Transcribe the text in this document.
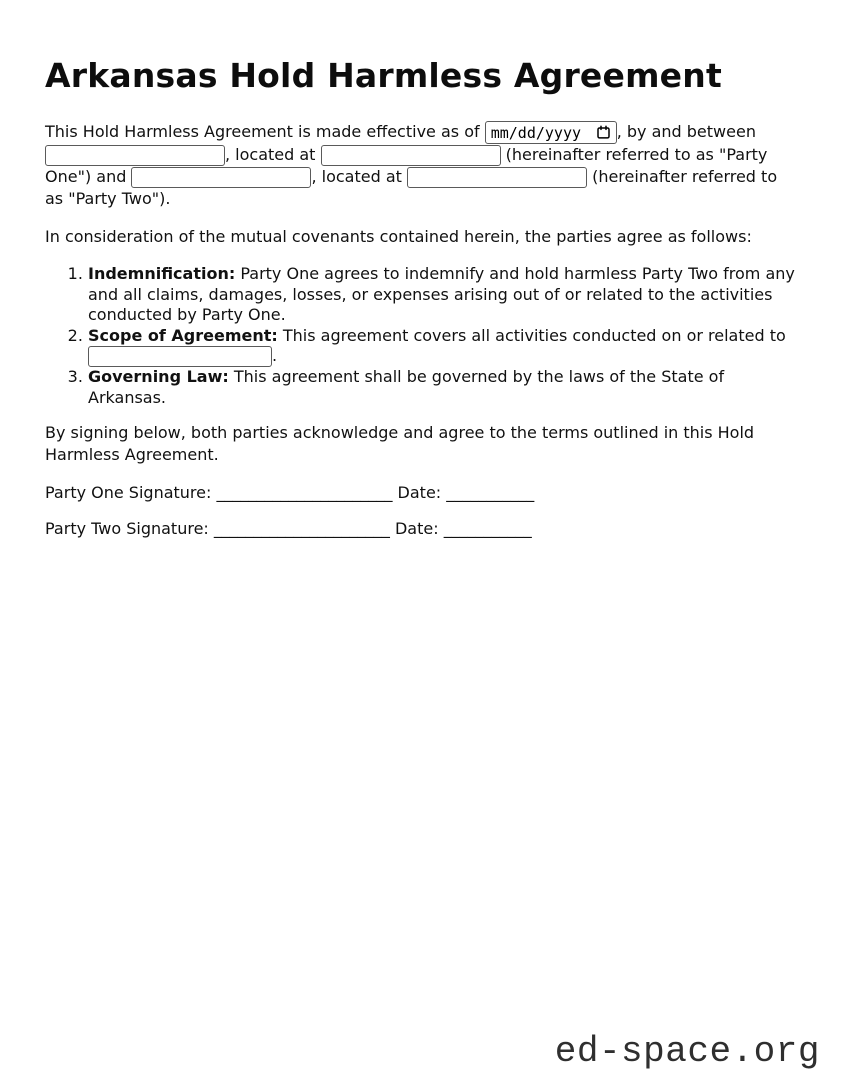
Arkansas Hold Harmless Agreement

This Hold Harmless Agreement is made effective as of mm/dd/yyyy , by and between , located at	(hereinafter referred to as "Party One") and	, located at	(hereinafter referred to as "Party Two").

In consideration of the mutual covenants contained herein, the parties agree as follows:

1. Indemnification: Party One agrees to indemnify and hold harmless Party Two from any and all claims, damages, losses, or expenses arising out of or related to the activities conducted by Party One.
2. Scope of Agreement: This agreement covers all activities conducted on or related to .
3. Governing Law: This agreement shall be governed by the laws of the State of Arkansas.

By signing below, both parties acknowledge and agree to the terms outlined in this Hold Harmless Agreement.

Party One Signature: ______________________ Date: ___________

Party Two Signature: ______________________ Date: ___________

ed-space.org
